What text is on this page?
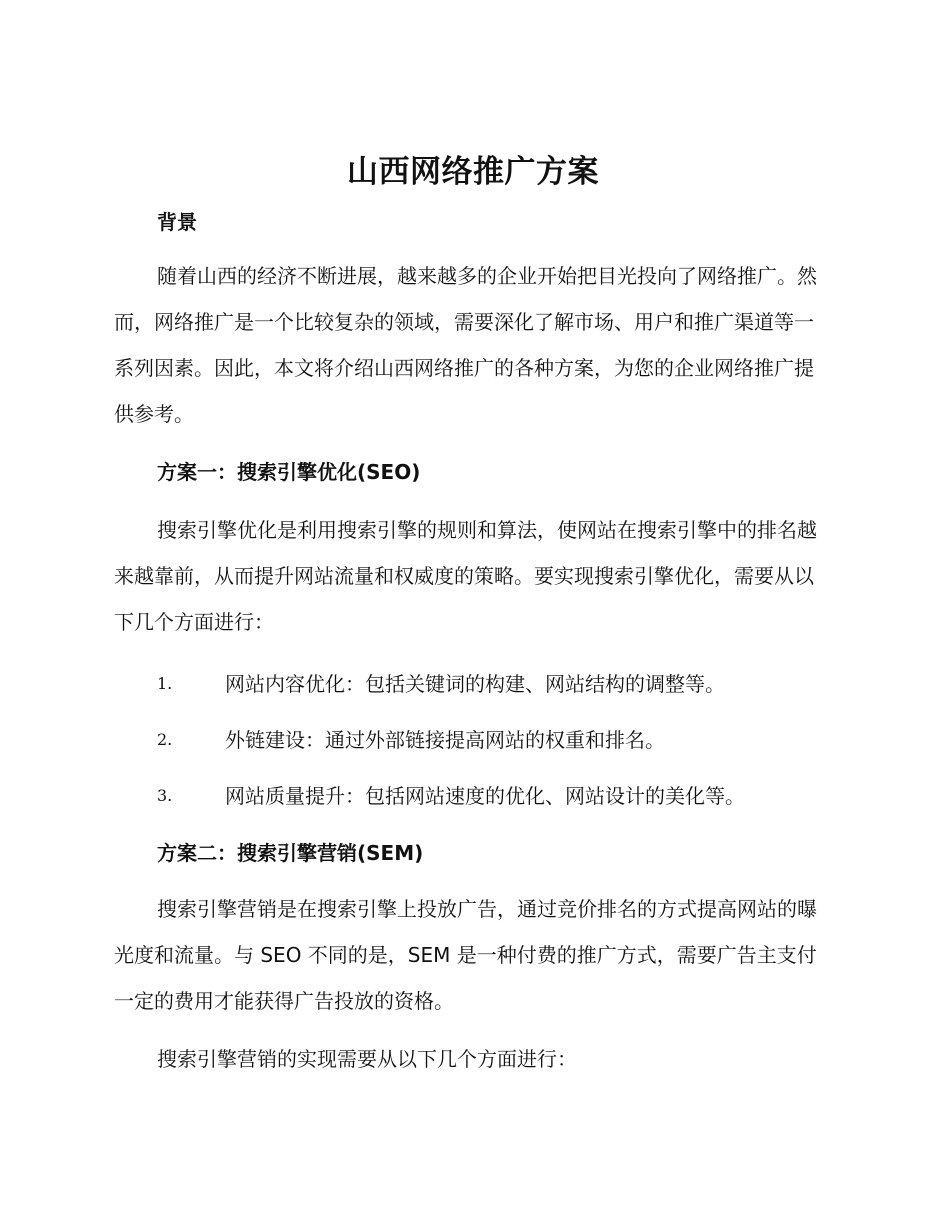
山西网络推广方案
背景

随着山西的经济不断进展，越来越多的企业开始把目光投向了网络推广。然而，网络推广是一个比较复杂的领域，需要深化了解市场、用户和推广渠道等一系列因素。因此，本文将介绍山西网络推广的各种方案，为您的企业网络推广提供参考。

方案一：搜索引擎优化(SEO)

搜索引擎优化是利用搜索引擎的规则和算法，使网站在搜索引擎中的排名越来越靠前，从而提升网站流量和权威度的策略。要实现搜索引擎优化，需要从以下几个方面进行：

1.	网站内容优化：包括关键词的构建、网站结构的调整等。
2.	外链建设：通过外部链接提高网站的权重和排名。
3.	网站质量提升：包括网站速度的优化、网站设计的美化等。
方案二：搜索引擎营销(SEM)

搜索引擎营销是在搜索引擎上投放广告，通过竞价排名的方式提高网站的曝光度和流量。与 SEO 不同的是，SEM 是一种付费的推广方式，需要广告主支付一定的费用才能获得广告投放的资格。

搜索引擎营销的实现需要从以下几个方面进行：
